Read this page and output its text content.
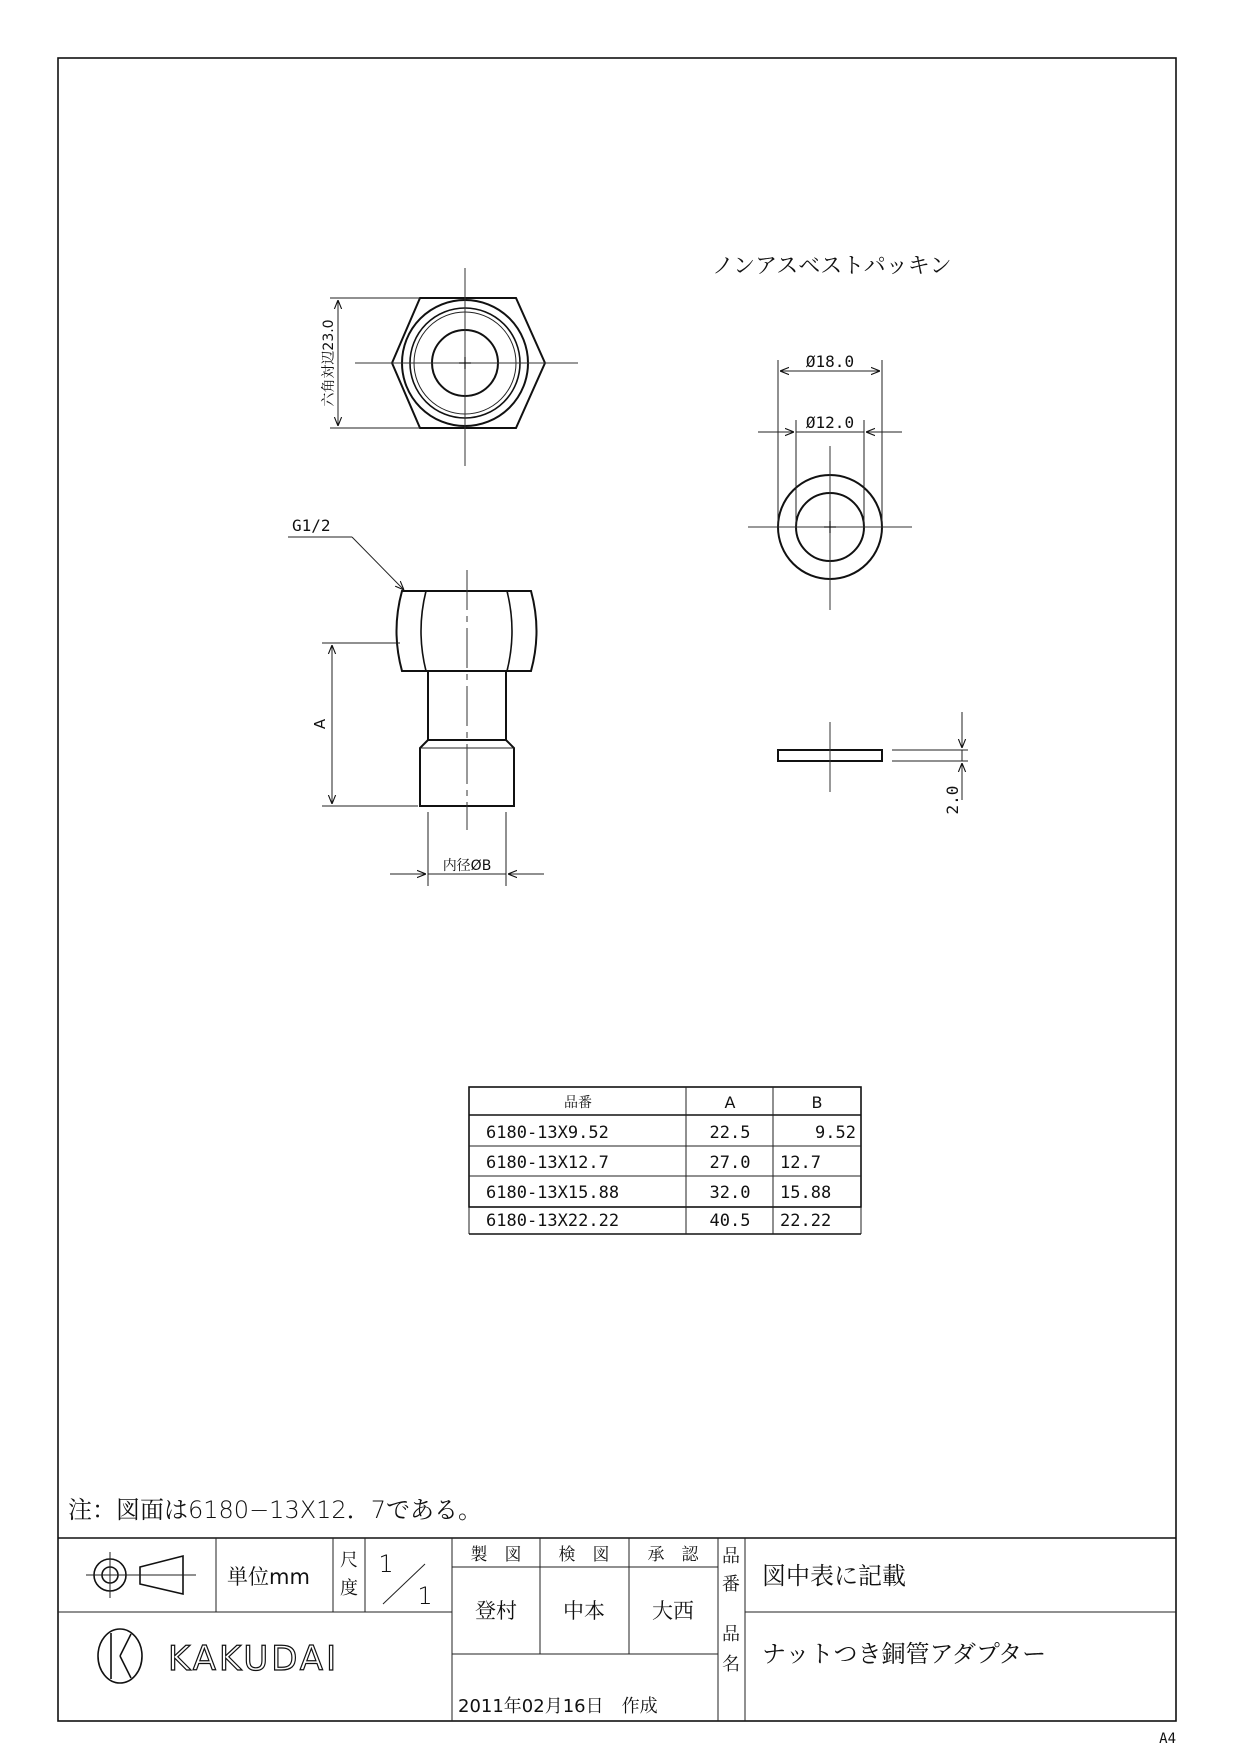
六角対辺23.0
G1/2
A
内径ØB
ノンアスベストパッキン
Ø18.0
Ø12.0
2.0
品番	A	B
6180-13X9.52	22.5	9.52
6180-13X12.7	27.0 12.7
6180-13X15.88	32.0 15.88
6180-13X22.22	40.5 22.22
注：図面は6180−13X12．7である。
単位mm
尺
度
1
1
製　図 検　図 承　認
登村 中本 大西
2011年02月16日　作成
品
番 図中表に記載
品
名 ナットつき銅管アダプター
KAKUDAI
A4
